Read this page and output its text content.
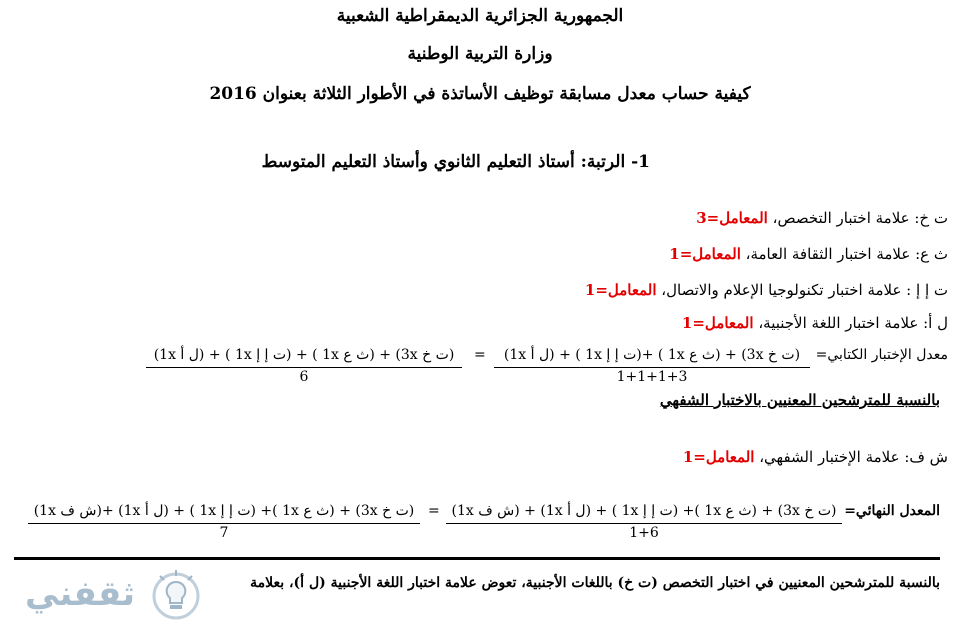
الجمهورية الجزائرية الديمقراطية الشعبية
وزارة التربية الوطنية
كيفية حساب معدل مسابقة توظيف الأساتذة في الأطوار الثلاثة بعنوان 2016
1- الرتبة: أستاذ التعليم الثانوي وأستاذ التعليم المتوسط
ت خ: علامة اختبار التخصص، المعامل=3
ث ع: علامة اختبار الثقافة العامة، المعامل=1
ت إ إ : علامة اختبار تكنولوجيا الإعلام والاتصال، المعامل=1
ل أ: علامة اختبار اللغة الأجنبية، المعامل=1
معدل الإختبار الكتابي=
(ت خ 3x) + (ث ع 1x ) +(ت إ إ 1x ) + (ل أ 1x)
1+1+1+3
=
(ت خ 3x) + (ث ع 1x ) + (ت إ إ 1x ) + (ل أ 1x)
6
بالنسبة للمترشحين المعنيين بالاختبار الشفهي
ش ف: علامة الإختبار الشفهي، المعامل=1
المعدل النهائي=
(ت خ 3x) + (ث ع 1x )+ (ت إ إ 1x ) + (ل أ 1x) + (ش ف 1x)
1+6
=
(ت خ 3x) + (ث ع 1x )+ (ت إ إ 1x ) + (ل أ 1x) +(ش ف 1x)
7
بالنسبة للمترشحين المعنيين في اختبار التخصص (ت خ) باللغات الأجنبية، تعوض علامة اختبار اللغة الأجنبية (ل أ)، بعلامة
ثقفني
